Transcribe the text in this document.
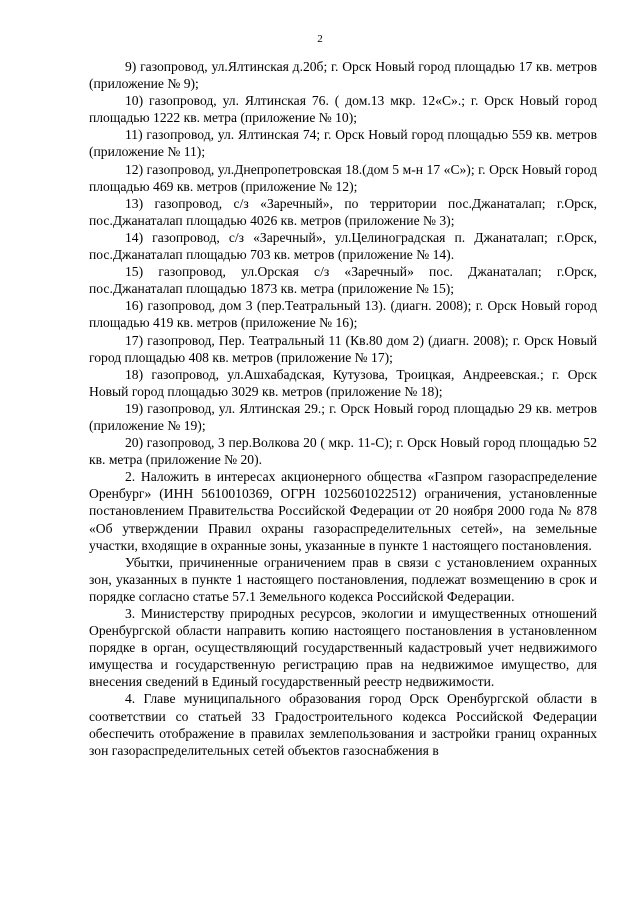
2

9) газопровод, ул.Ялтинская д.20б; г. Орск Новый город площадью 17 кв. метров (приложение № 9);

10) газопровод, ул. Ялтинская 76. ( дом.13 мкр. 12«С».; г. Орск Новый город площадью 1222 кв. метра (приложение № 10);

11) газопровод, ул. Ялтинская 74; г. Орск Новый город площадью 559 кв. метров (приложение № 11);

12) газопровод, ул.Днепропетровская 18.(дом 5 м-н 17 «С»); г. Орск Новый город площадью 469 кв. метров (приложение № 12);

13) газопровод, с/з «Заречный», по территории пос.Джанаталап; г.Орск, пос.Джанаталап площадью 4026 кв. метров (приложение № 3);

14) газопровод, с/з «Заречный», ул.Целиноградская п. Джанаталап; г.Орск, пос.Джанаталап площадью 703 кв. метров (приложение № 14).

15) газопровод, ул.Орская с/з «Заречный» пос. Джанаталап; г.Орск, пос.Джанаталап площадью 1873 кв. метра (приложение № 15);

16) газопровод, дом 3 (пер.Театральный 13). (диагн. 2008); г. Орск Новый город площадью 419 кв. метров (приложение № 16);

17) газопровод, Пер. Театральный 11 (Кв.80 дом 2) (диагн. 2008); г. Орск Новый город площадью 408 кв. метров (приложение № 17);

18) газопровод, ул.Ашхабадская, Кутузова, Троицкая, Андреевская.; г. Орск Новый город площадью 3029 кв. метров (приложение № 18);

19) газопровод, ул. Ялтинская 29.; г. Орск Новый город площадью 29 кв. метров (приложение № 19);

20) газопровод, 3 пер.Волкова 20 ( мкр. 11-С); г. Орск Новый город площадью 52 кв. метра (приложение № 20).

2. Наложить в интересах акционерного общества «Газпром газораспределение Оренбург» (ИНН 5610010369, ОГРН 1025601022512) ограничения, установленные постановлением Правительства Российской Федерации от 20 ноября 2000 года № 878 «Об утверждении Правил охраны газораспределительных сетей», на земельные участки, входящие в охранные зоны, указанные в пункте 1 настоящего постановления.

Убытки, причиненные ограничением прав в связи с установлением охранных зон, указанных в пункте 1 настоящего постановления, подлежат возмещению в срок и порядке согласно статье 57.1 Земельного кодекса Российской Федерации.

3. Министерству природных ресурсов, экологии и имущественных отношений Оренбургской области направить копию настоящего постановления в установленном порядке в орган, осуществляющий государственный кадастровый учет недвижимого имущества и государственную регистрацию прав на недвижимое имущество, для внесения сведений в Единый государственный реестр недвижимости.

4. Главе муниципального образования город Орск Оренбургской области в соответствии со статьей 33 Градостроительного кодекса Российской Федерации обеспечить отображение в правилах землепользования и застройки границ охранных зон газораспределительных сетей объектов газоснабжения в
